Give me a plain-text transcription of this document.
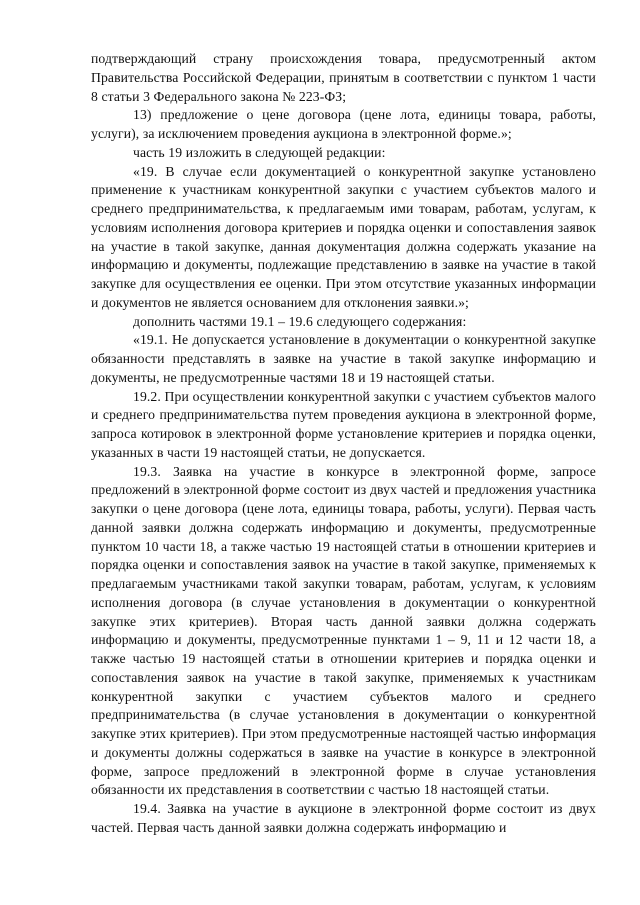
подтверждающий страну происхождения товара, предусмотренный актом Правительства Российской Федерации, принятым в соответствии с пунктом 1 части 8 статьи 3 Федерального закона № 223-ФЗ;

13) предложение о цене договора (цене лота, единицы товара, работы, услуги), за исключением проведения аукциона в электронной форме.»;

часть 19 изложить в следующей редакции:

«19. В случае если документацией о конкурентной закупке установлено применение к участникам конкурентной закупки с участием субъектов малого и среднего предпринимательства, к предлагаемым ими товарам, работам, услугам, к условиям исполнения договора критериев и порядка оценки и сопоставления заявок на участие в такой закупке, данная документация должна содержать указание на информацию и документы, подлежащие представлению в заявке на участие в такой закупке для осуществления ее оценки. При этом отсутствие указанных информации и документов не является основанием для отклонения заявки.»;

дополнить частями 19.1 – 19.6 следующего содержания:

«19.1. Не допускается установление в документации о конкурентной закупке обязанности представлять в заявке на участие в такой закупке информацию и документы, не предусмотренные частями 18 и 19 настоящей статьи.

19.2. При осуществлении конкурентной закупки с участием субъектов малого и среднего предпринимательства путем проведения аукциона в электронной форме, запроса котировок в электронной форме установление критериев и порядка оценки, указанных в части 19 настоящей статьи, не допускается.

19.3. Заявка на участие в конкурсе в электронной форме, запросе предложений в электронной форме состоит из двух частей и предложения участника закупки о цене договора (цене лота, единицы товара, работы, услуги). Первая часть данной заявки должна содержать информацию и документы, предусмотренные пунктом 10 части 18, а также частью 19 настоящей статьи в отношении критериев и порядка оценки и сопоставления заявок на участие в такой закупке, применяемых к предлагаемым участниками такой закупки товарам, работам, услугам, к условиям исполнения договора (в случае установления в документации о конкурентной закупке этих критериев). Вторая часть данной заявки должна содержать информацию и документы, предусмотренные пунктами 1 – 9, 11 и 12 части 18, а также частью 19 настоящей статьи в отношении критериев и порядка оценки и сопоставления заявок на участие в такой закупке, применяемых к участникам конкурентной закупки с участием субъектов малого и среднего предпринимательства (в случае установления в документации о конкурентной закупке этих критериев). При этом предусмотренные настоящей частью информация и документы должны содержаться в заявке на участие в конкурсе в электронной форме, запросе предложений в электронной форме в случае установления обязанности их представления в соответствии с частью 18 настоящей статьи.

19.4. Заявка на участие в аукционе в электронной форме состоит из двух частей. Первая часть данной заявки должна содержать информацию и
